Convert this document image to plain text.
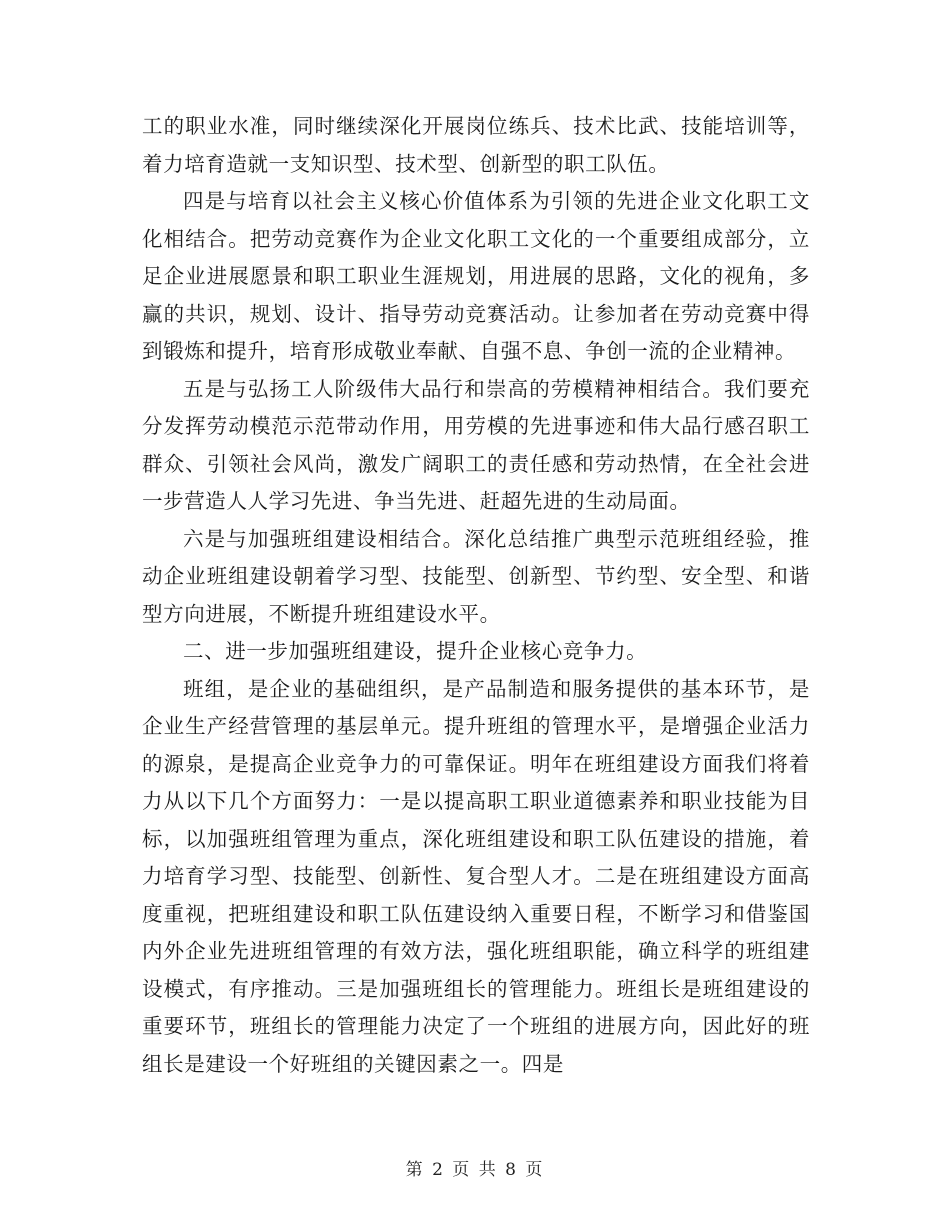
工的职业水准，同时继续深化开展岗位练兵、技术比武、技能培训等，着力培育造就一支知识型、技术型、创新型的职工队伍。

四是与培育以社会主义核心价值体系为引领的先进企业文化职工文化相结合。把劳动竞赛作为企业文化职工文化的一个重要组成部分，立足企业进展愿景和职工职业生涯规划，用进展的思路，文化的视角，多赢的共识，规划、设计、指导劳动竞赛活动。让参加者在劳动竞赛中得到锻炼和提升，培育形成敬业奉献、自强不息、争创一流的企业精神。

五是与弘扬工人阶级伟大品行和崇高的劳模精神相结合。我们要充分发挥劳动模范示范带动作用，用劳模的先进事迹和伟大品行感召职工群众、引领社会风尚，激发广阔职工的责任感和劳动热情，在全社会进一步营造人人学习先进、争当先进、赶超先进的生动局面。

六是与加强班组建设相结合。深化总结推广典型示范班组经验，推动企业班组建设朝着学习型、技能型、创新型、节约型、安全型、和谐型方向进展，不断提升班组建设水平。

二、进一步加强班组建设，提升企业核心竞争力。

班组，是企业的基础组织，是产品制造和服务提供的基本环节，是企业生产经营管理的基层单元。提升班组的管理水平，是增强企业活力的源泉，是提高企业竞争力的可靠保证。明年在班组建设方面我们将着力从以下几个方面努力：一是以提高职工职业道德素养和职业技能为目标，以加强班组管理为重点，深化班组建设和职工队伍建设的措施，着力培育学习型、技能型、创新性、复合型人才。二是在班组建设方面高度重视，把班组建设和职工队伍建设纳入重要日程，不断学习和借鉴国内外企业先进班组管理的有效方法，强化班组职能，确立科学的班组建设模式，有序推动。三是加强班组长的管理能力。班组长是班组建设的重要环节，班组长的管理能力决定了一个班组的进展方向，因此好的班组长是建设一个好班组的关键因素之一。四是

第 2 页 共 8 页
